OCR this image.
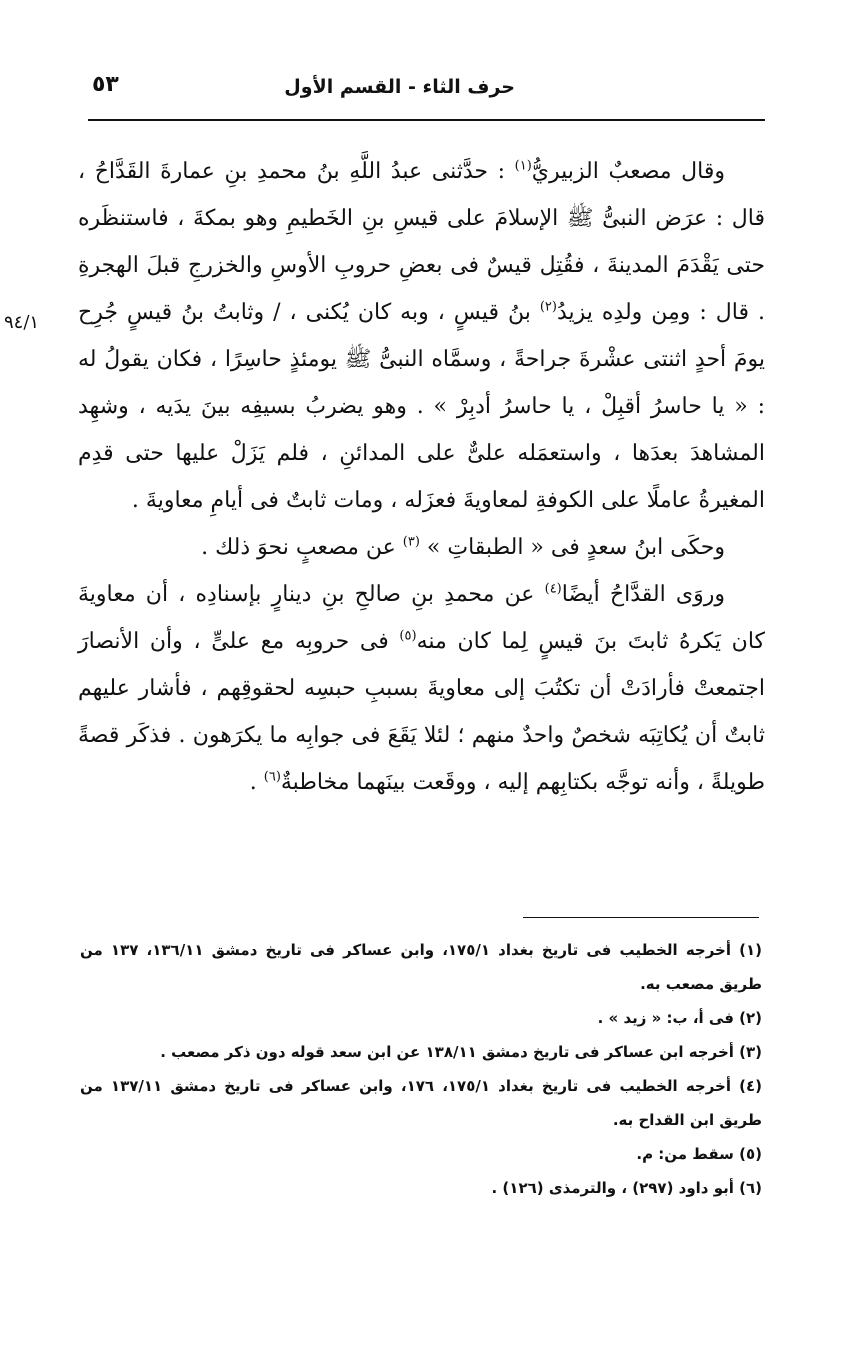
حرف الثاء - القسم الأول
٥٣
٩٤/١

وقال مصعبٌ الزبيريُّ$^{(١)}$ : حدَّثنى عبدُ اللَّهِ بنُ محمدِ بنِ عمارةَ القَدَّاحُ ، قال : عرَض النبىُّ ﷺ الإسلامَ على قيسِ بنِ الخَطيمِ وهو بمكةَ ، فاستنظَره حتى يَقْدَمَ المدينةَ ، فقُتِل قيسٌ فى بعضِ حروبِ الأوسِ والخزرجِ قبلَ الهجرةِ . قال : ومِن ولدِه يزيدُ$^{(٢)}$ بنُ قيسٍ ، وبه كان يُكنى ، / وثابتُ بنُ قيسٍ جُرِح يومَ أحدٍ اثنتى عشْرةَ جراحةً ، وسمَّاه النبىُّ ﷺ يومئذٍ حاسِرًا ، فكان يقولُ له : « يا حاسرُ أقبِلْ ، يا حاسرُ أدبِرْ » . وهو يضربُ بسيفِه بينَ يدَيه ، وشهِد المشاهدَ بعدَها ، واستعمَله علىٌّ على المدائنِ ، فلم يَزَلْ عليها حتى قدِم المغيرةُ عاملًا على الكوفةِ لمعاويةَ فعزَله ، ومات ثابتٌ فى أيامِ معاويةَ .

وحكَى ابنُ سعدٍ فى « الطبقاتِ » $^{(٣)}$ عن مصعبٍ نحوَ ذلك .

وروَى القدَّاحُ أيضًا$^{(٤)}$ عن محمدِ بنِ صالحِ بنِ دينارٍ بإسنادِه ، أن معاويةَ كان يَكرهُ ثابتَ بنَ قيسٍ لِما كان منه$^{(٥)}$ فى حروبِه مع علىٍّ ، وأن الأنصارَ اجتمعتْ فأرادَتْ أن تكتُبَ إلى معاويةَ بسببِ حبسِه لحقوقِهم ، فأشار عليهم ثابتٌ أن يُكاتِبَه شخصٌ واحدٌ منهم ؛ لئلا يَقَعَ فى جوابِه ما يكرَهون . فذكَر قصةً طويلةً ، وأنه توجَّه بكتابِهم إليه ، ووقَعت بينَهما مخاطبةٌ$^{(٦)}$ .

(١) أخرجه الخطيب فى تاريخ بغداد ١٧٥/١، وابن عساكر فى تاريخ دمشق ١٣٦/١١، ١٣٧ من طريق مصعب به.

(٢) فى أ، ب: « زيد » .

(٣) أخرجه ابن عساكر فى تاريخ دمشق ١٣٨/١١ عن ابن سعد قوله دون ذكر مصعب .

(٤) أخرجه الخطيب فى تاريخ بغداد ١٧٥/١، ١٧٦، وابن عساكر فى تاريخ دمشق ١٣٧/١١ من طريق ابن القداح به.

(٥) سقط من: م.

(٦) أبو داود (٢٩٧) ، والترمذى (١٢٦) .
